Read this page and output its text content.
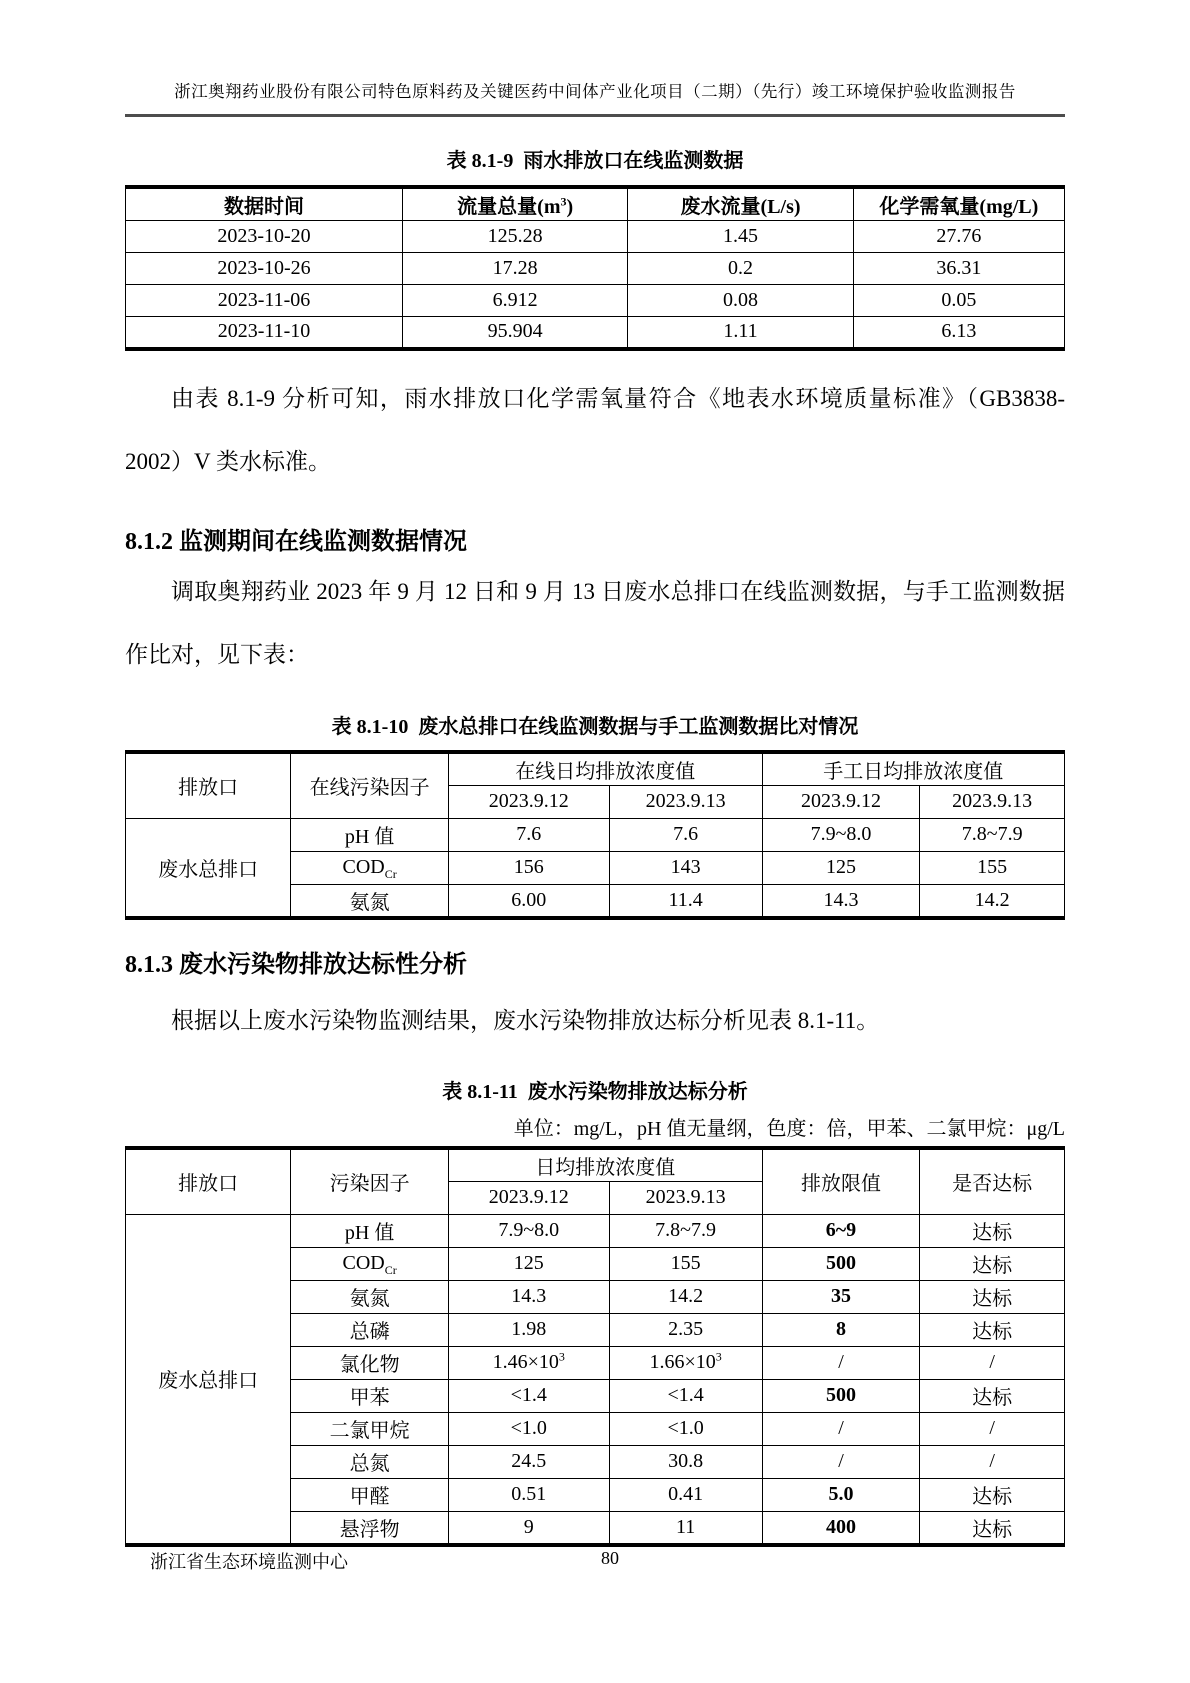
浙江奥翔药业股份有限公司特色原料药及关键医药中间体产业化项目（二期）（先行）竣工环境保护验收监测报告
表 8.1-9  雨水排放口在线监测数据
数据时间	流量总量$(m^3)$	废水流量(L/s)	化学需氧量(mg/L)
2023-10-20	125.28	1.45	27.76
2023-10-26	17.28	0.2	36.31
2023-11-06	6.912	0.08	0.05
2023-11-10	95.904	1.11	6.13
由表 8.1-9 分析可知，雨水排放口化学需氧量符合《地表水环境质量标准》（GB3838-2002）V 类水标准。
8.1.2 监测期间在线监测数据情况
调取奥翔药业 2023 年 9 月 12 日和 9 月 13 日废水总排口在线监测数据，与手工监测数据作比对，见下表：
表 8.1-10  废水总排口在线监测数据与手工监测数据比对情况
排放口	在线污染因子	在线日均排放浓度值		手工日均排放浓度值	
		2023.9.12	2023.9.13	2023.9.12	2023.9.13
废水总排口	pH 值	7.6	7.6	7.9~8.0	7.8~7.9
	$COD_{Cr}$	156	143	125	155
	氨氮	6.00	11.4	14.3	14.2
8.1.3 废水污染物排放达标性分析
根据以上废水污染物监测结果，废水污染物排放达标分析见表 8.1-11。
表 8.1-11  废水污染物排放达标分析
单位：mg/L，pH 值无量纲，色度：倍，甲苯、二氯甲烷：μg/L
排放口	污染因子	日均排放浓度值		排放限值	是否达标
		2023.9.12	2023.9.13		
废水总排口	pH 值	7.9~8.0	7.8~7.9	6~9	达标
	$COD_{Cr}$	125	155	500	达标
	氨氮	14.3	14.2	35	达标
	总磷	1.98	2.35	8	达标
	氯化物	$1.46\times 10^3$	$1.66\times 10^3$	/	/
	甲苯	<1.4	<1.4	500	达标
	二氯甲烷	<1.0	<1.0	/	/
	总氮	24.5	30.8	/	/
	甲醛	0.51	0.41	5.0	达标
	悬浮物	9	11	400	达标
浙江省生态环境监测中心	80
